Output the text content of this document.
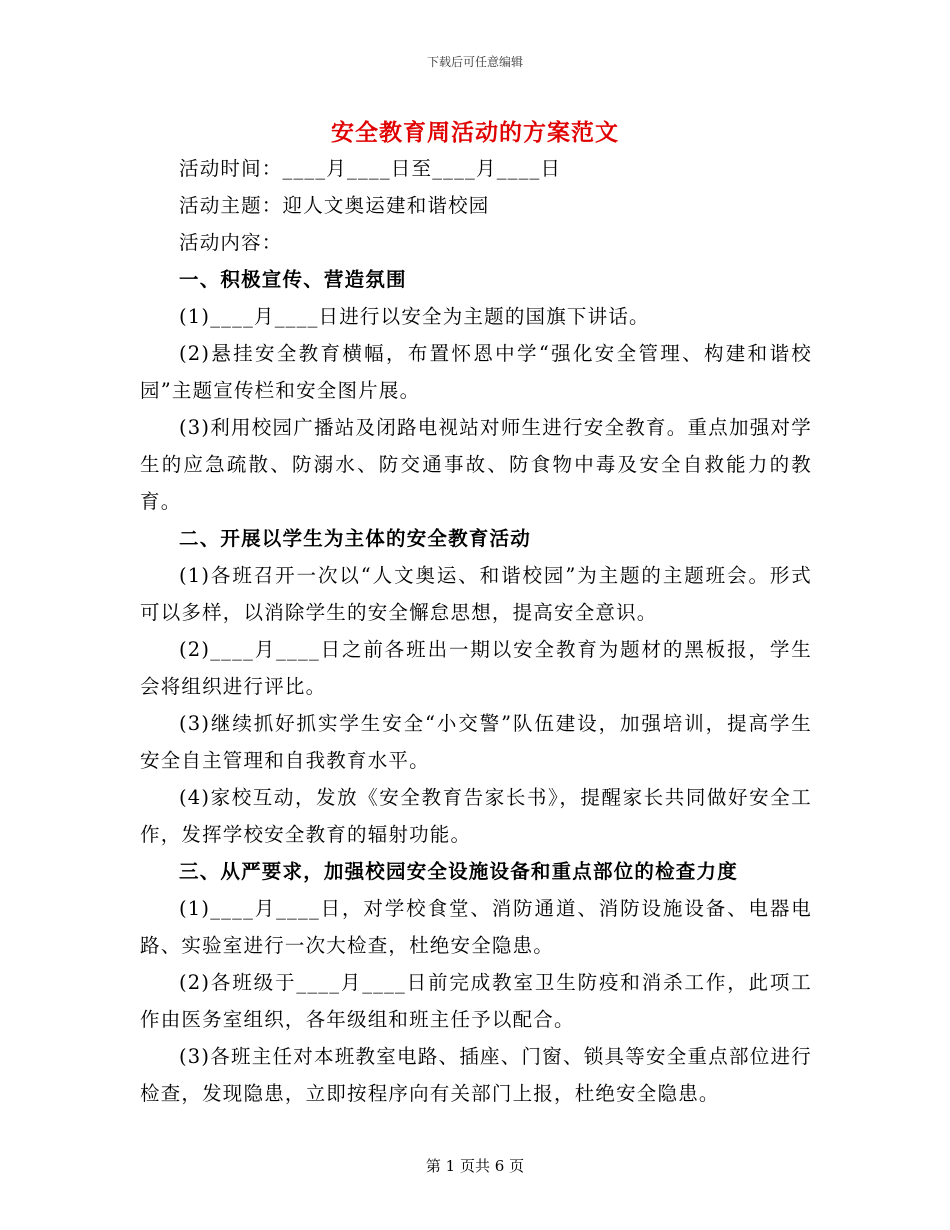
下载后可任意编辑
安全教育周活动的方案范文

活动时间：____月____日至____月____日

活动主题：迎人文奥运建和谐校园

活动内容：

一、积极宣传、营造氛围

(1)____月____日进行以安全为主题的国旗下讲话。

(2)悬挂安全教育横幅，布置怀恩中学“强化安全管理、构建和谐校园”主题宣传栏和安全图片展。

(3)利用校园广播站及闭路电视站对师生进行安全教育。重点加强对学生的应急疏散、防溺水、防交通事故、防食物中毒及安全自救能力的教育。

二、开展以学生为主体的安全教育活动

(1)各班召开一次以“人文奥运、和谐校园”为主题的主题班会。形式可以多样，以消除学生的安全懈怠思想，提高安全意识。

(2)____月____日之前各班出一期以安全教育为题材的黑板报，学生会将组织进行评比。

(3)继续抓好抓实学生安全“小交警”队伍建设，加强培训，提高学生安全自主管理和自我教育水平。

(4)家校互动，发放《安全教育告家长书》，提醒家长共同做好安全工作，发挥学校安全教育的辐射功能。

三、从严要求，加强校园安全设施设备和重点部位的检查力度

(1)____月____日，对学校食堂、消防通道、消防设施设备、电器电路、实验室进行一次大检查，杜绝安全隐患。

(2)各班级于____月____日前完成教室卫生防疫和消杀工作，此项工作由医务室组织，各年级组和班主任予以配合。

(3)各班主任对本班教室电路、插座、门窗、锁具等安全重点部位进行检查，发现隐患，立即按程序向有关部门上报，杜绝安全隐患。

第 1 页共 6 页
